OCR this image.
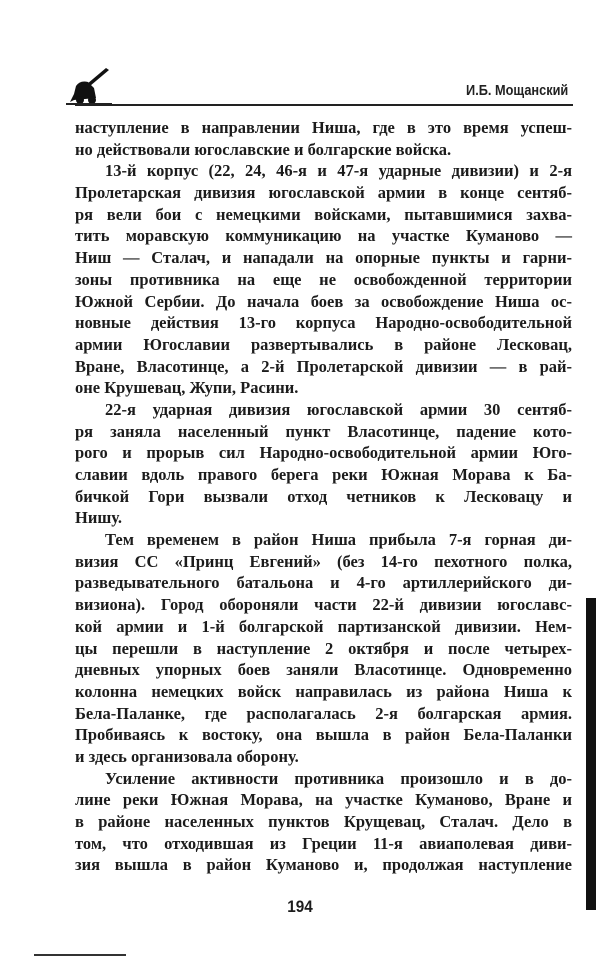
И.Б. Мощанский
наступление в направлении Ниша, где в это время успеш-
но действовали югославские и болгарские войска.
13-й корпус (22, 24, 46-я и 47-я ударные дивизии) и 2-я
Пролетарская дивизия югославской армии в конце сентяб-
ря вели бои с немецкими войсками, пытавшимися захва-
тить моравскую коммуникацию на участке Куманово —
Ниш — Сталач, и нападали на опорные пункты и гарни-
зоны противника на еще не освобожденной территории
Южной Сербии. До начала боев за освобождение Ниша ос-
новные действия 13-го корпуса Народно-освободительной
армии Югославии развертывались в районе Лесковац,
Вране, Власотинце, а 2-й Пролетарской дивизии — в рай-
оне Крушевац, Жупи, Расини.
22-я ударная дивизия югославской армии 30 сентяб-
ря заняла населенный пункт Власотинце, падение кото-
рого и прорыв сил Народно-освободительной армии Юго-
славии вдоль правого берега реки Южная Морава к Ба-
бичкой Гори вызвали отход четников к Лесковацу и
Нишу.
Тем временем в район Ниша прибыла 7-я горная ди-
визия СС «Принц Евгений» (без 14-го пехотного полка,
разведывательного батальона и 4-го артиллерийского ди-
визиона). Город обороняли части 22-й дивизии югославс-
кой армии и 1-й болгарской партизанской дивизии. Нем-
цы перешли в наступление 2 октября и после четырех-
дневных упорных боев заняли Власотинце. Одновременно
колонна немецких войск направилась из района Ниша к
Бела-Паланке, где располагалась 2-я болгарская армия.
Пробиваясь к востоку, она вышла в район Бела-Паланки
и здесь организовала оборону.
Усиление активности противника произошло и в до-
лине реки Южная Морава, на участке Куманово, Вране и
в районе населенных пунктов Крущевац, Сталач. Дело в
том, что отходившая из Греции 11-я авиаполевая диви-
зия вышла в район Куманово и, продолжая наступление
194
